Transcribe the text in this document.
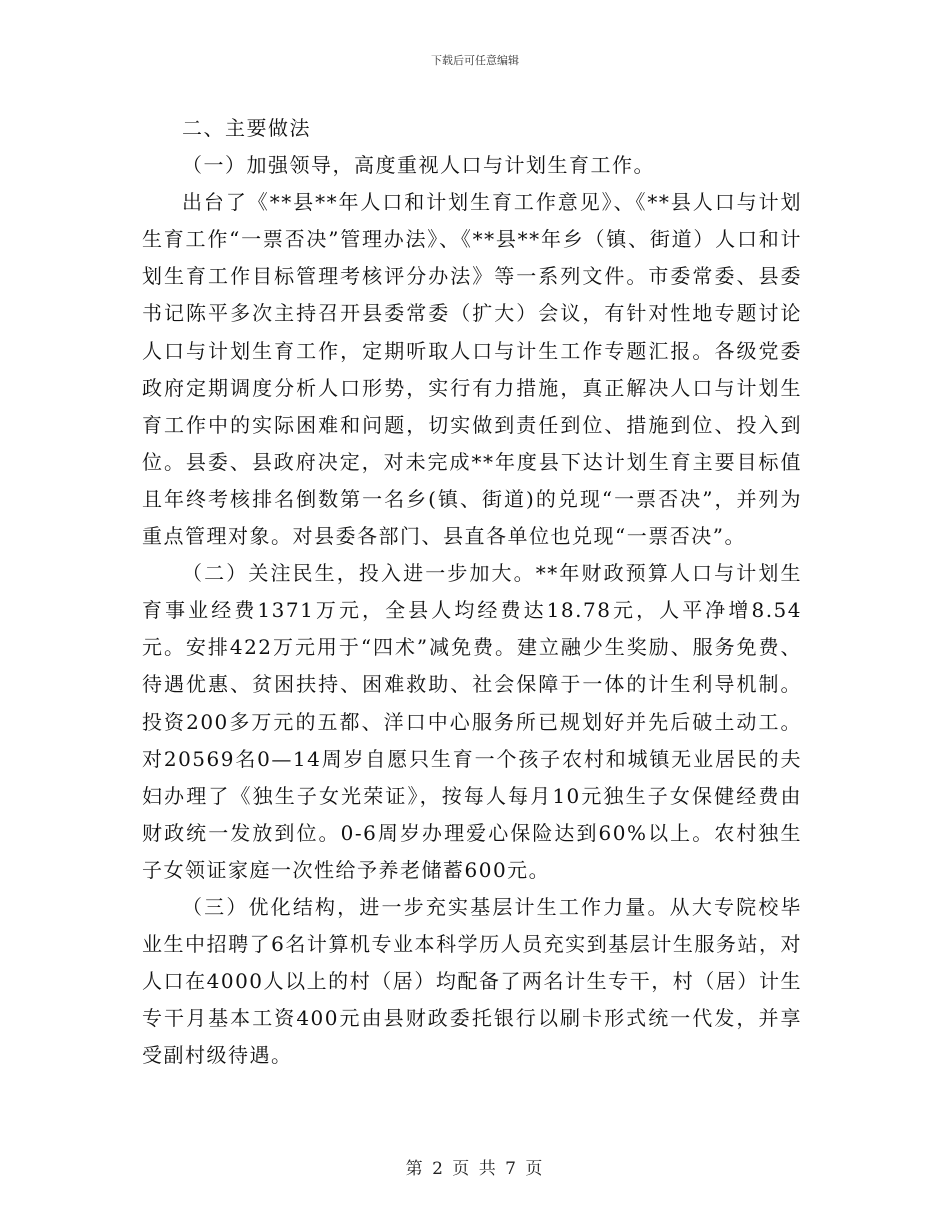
下载后可任意编辑

二、主要做法

（一）加强领导，高度重视人口与计划生育工作。

出台了《**县**年人口和计划生育工作意见》、《**县人口与计划生育工作“一票否决”管理办法》、《**县**年乡（镇、街道）人口和计划生育工作目标管理考核评分办法》等一系列文件。市委常委、县委书记陈平多次主持召开县委常委（扩大）会议，有针对性地专题讨论人口与计划生育工作，定期听取人口与计生工作专题汇报。各级党委政府定期调度分析人口形势，实行有力措施，真正解决人口与计划生育工作中的实际困难和问题，切实做到责任到位、措施到位、投入到位。县委、县政府决定，对未完成**年度县下达计划生育主要目标值且年终考核排名倒数第一名乡(镇、街道)的兑现“一票否决”，并列为重点管理对象。对县委各部门、县直各单位也兑现“一票否决”。

（二）关注民生，投入进一步加大。**年财政预算人口与计划生育事业经费1371万元，全县人均经费达18.78元，人平净增8.54元。安排422万元用于“四术”减免费。建立融少生奖励、服务免费、待遇优惠、贫困扶持、困难救助、社会保障于一体的计生利导机制。投资200多万元的五都、洋口中心服务所已规划好并先后破土动工。对20569名0—14周岁自愿只生育一个孩子农村和城镇无业居民的夫妇办理了《独生子女光荣证》，按每人每月10元独生子女保健经费由财政统一发放到位。0-6周岁办理爱心保险达到60%以上。农村独生子女领证家庭一次性给予养老储蓄600元。

（三）优化结构，进一步充实基层计生工作力量。从大专院校毕业生中招聘了6名计算机专业本科学历人员充实到基层计生服务站，对人口在4000人以上的村（居）均配备了两名计生专干，村（居）计生专干月基本工资400元由县财政委托银行以刷卡形式统一代发，并享受副村级待遇。

第 2 页 共 7 页
